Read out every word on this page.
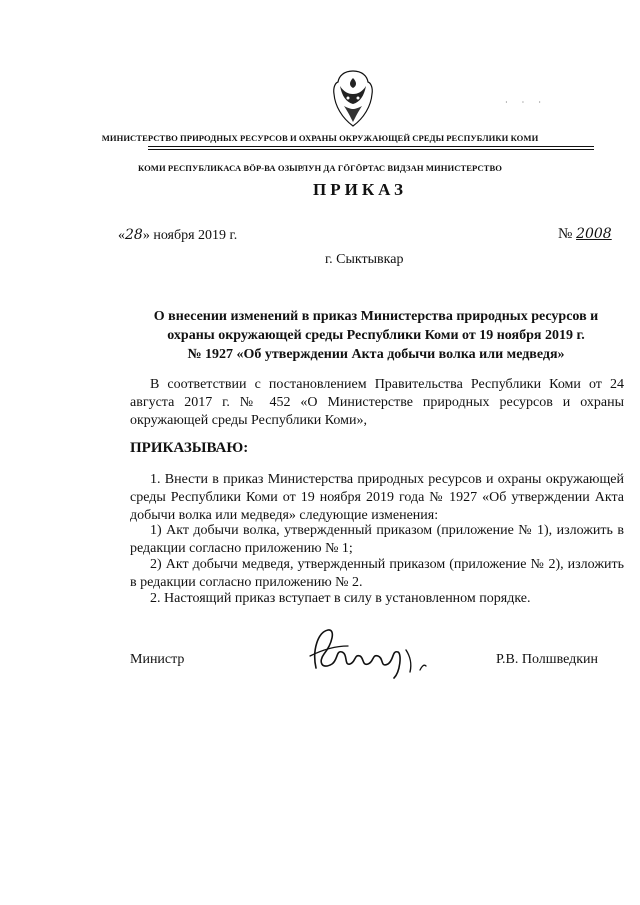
· · ·
МИНИСТЕРСТВО ПРИРОДНЫХ РЕСУРСОВ И ОХРАНЫ ОКРУЖАЮЩЕЙ СРЕДЫ РЕСПУБЛИКИ КОМИ
КОМИ РЕСПУБЛИКАСА ВӦР-ВА ОЗЫРЛУН ДА ГӦГӦРТАС ВИДЗАН МИНИСТЕРСТВО
ПРИКАЗ
«28» ноября 2019 г.	№ 2008
г. Сыктывкар
О внесении изменений в приказ Министерства природных ресурсов и
охраны окружающей среды Республики Коми от 19 ноября 2019 г.
№ 1927 «Об утверждении Акта добычи волка или медведя»
В соответствии с постановлением Правительства Республики Коми от 24 августа 2017 г. № 452 «О Министерстве природных ресурсов и охраны окружающей среды Республики Коми»,
ПРИКАЗЫВАЮ:
1. Внести в приказ Министерства природных ресурсов и охраны окружающей среды Республики Коми от 19 ноября 2019 года № 1927 «Об утверждении Акта добычи волка или медведя» следующие изменения:
1) Акт добычи волка, утвержденный приказом (приложение № 1), изложить в редакции согласно приложению № 1;
2) Акт добычи медведя, утвержденный приказом (приложение № 2), изложить в редакции согласно приложению № 2.
2. Настоящий приказ вступает в силу в установленном порядке.
Министр	Р.В. Полшведкин
